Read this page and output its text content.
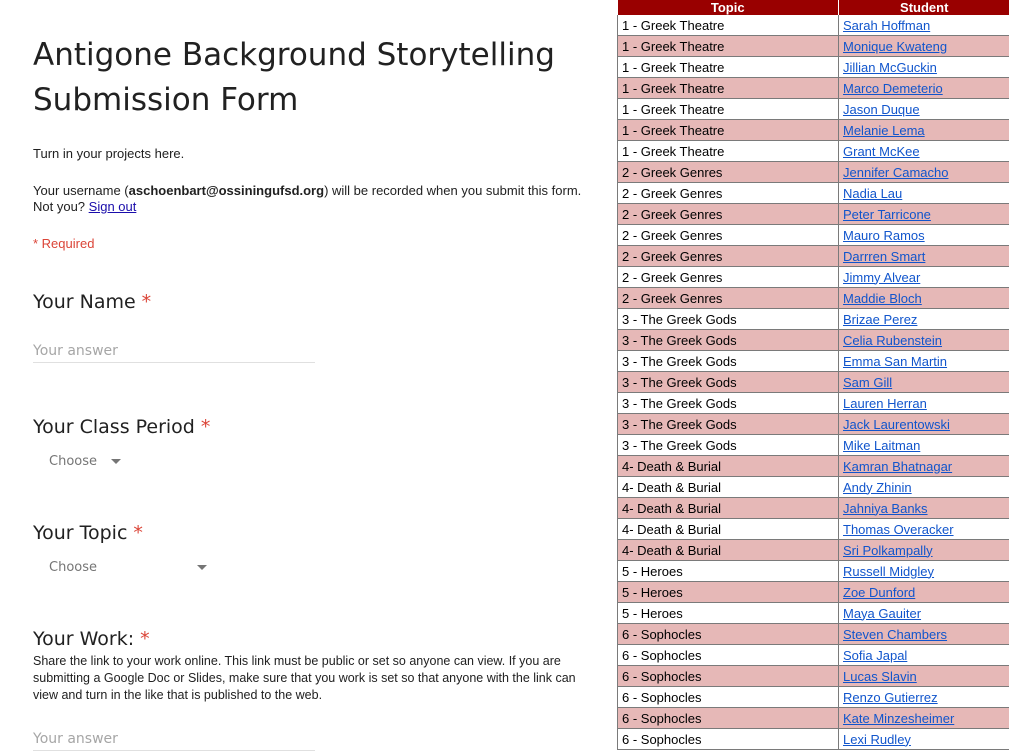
Antigone Background Storytelling Submission Form
Turn in your projects here.
Your username (aschoenbart@ossiningufsd.org) will be recorded when you submit this form. Not you? Sign out
* Required
Your Name *
Your answer
Your Class Period *
Choose
Your Topic *
Choose
Your Work: *

Share the link to your work online. This link must be public or set so anyone can view. If you are submitting a Google Doc or Slides, make sure that you work is set so that anyone with the link can view and turn in the like that is published to the web.

Your answer
Topic	Student
1 - Greek Theatre	Sarah Hoffman
1 - Greek Theatre	Monique Kwateng
1 - Greek Theatre	Jillian McGuckin
1 - Greek Theatre	Marco Demeterio
1 - Greek Theatre	Jason Duque
1 - Greek Theatre	Melanie Lema
1 - Greek Theatre	Grant McKee
2 - Greek Genres	Jennifer Camacho
2 - Greek Genres	Nadia Lau
2 - Greek Genres	Peter Tarricone
2 - Greek Genres	Mauro Ramos
2 - Greek Genres	Darrren Smart
2 - Greek Genres	Jimmy Alvear
2 - Greek Genres	Maddie Bloch
3 - The Greek Gods	Brizae Perez
3 - The Greek Gods	Celia Rubenstein
3 - The Greek Gods	Emma San Martin
3 - The Greek Gods	Sam Gill
3 - The Greek Gods	Lauren Herran
3 - The Greek Gods	Jack Laurentowski
3 - The Greek Gods	Mike Laitman
4- Death & Burial	Kamran Bhatnagar
4- Death & Burial	Andy Zhinin
4- Death & Burial	Jahniya Banks
4- Death & Burial	Thomas Overacker
4- Death & Burial	Sri Polkampally
5 - Heroes	Russell Midgley
5 - Heroes	Zoe Dunford
5 - Heroes	Maya Gauiter
6 - Sophocles	Steven Chambers
6 - Sophocles	Sofia Japal
6 - Sophocles	Lucas Slavin
6 - Sophocles	Renzo Gutierrez
6 - Sophocles	Kate Minzesheimer
6 - Sophocles	Lexi Rudley
